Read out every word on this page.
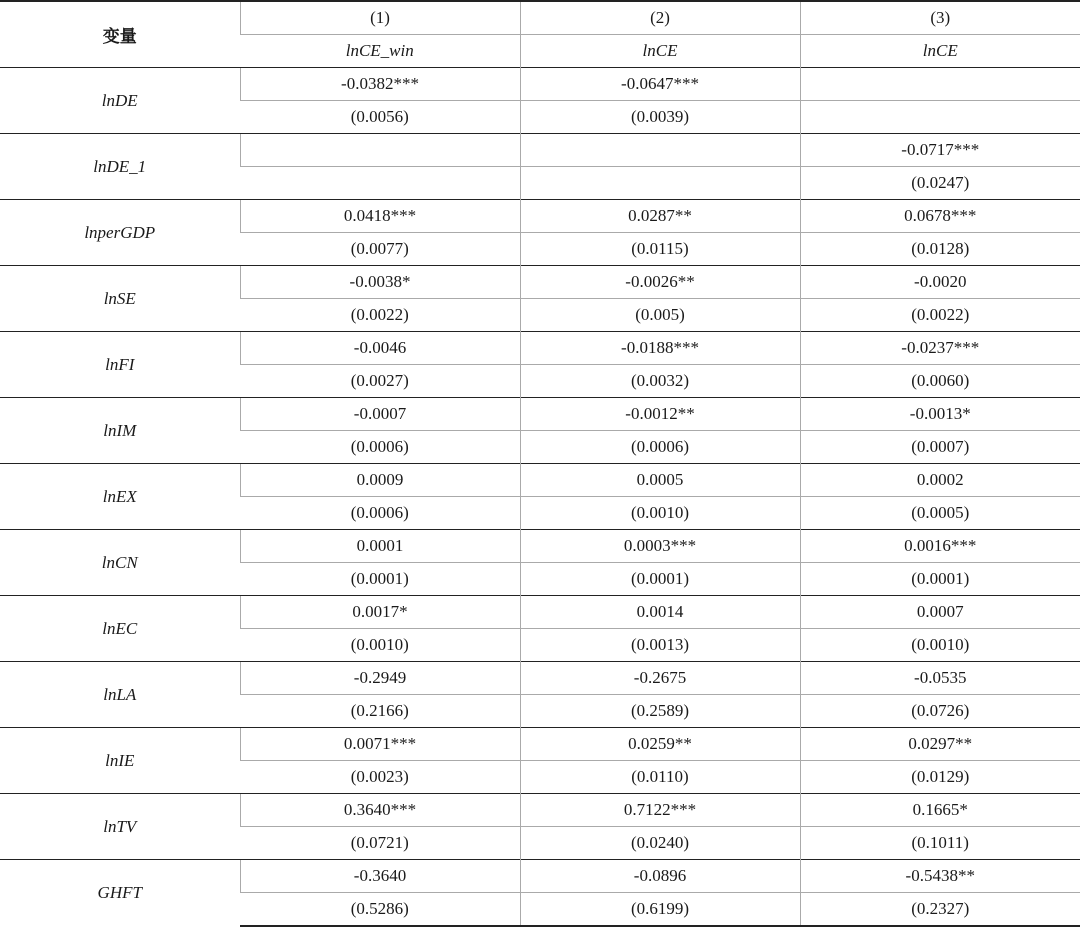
变量	(1)	(2)	(3)
	lnCE_win	lnCE	lnCE
lnDE	-0.0382***	-0.0647***	
	(0.0056)	(0.0039)	
lnDE_1			-0.0717***
			(0.0247)
lnperGDP	0.0418***	0.0287**	0.0678***
	(0.0077)	(0.0115)	(0.0128)
lnSE	-0.0038*	-0.0026**	-0.0020
	(0.0022)	(0.005)	(0.0022)
lnFI	-0.0046	-0.0188***	-0.0237***
	(0.0027)	(0.0032)	(0.0060)
lnIM	-0.0007	-0.0012**	-0.0013*
	(0.0006)	(0.0006)	(0.0007)
lnEX	0.0009	0.0005	0.0002
	(0.0006)	(0.0010)	(0.0005)
lnCN	0.0001	0.0003***	0.0016***
	(0.0001)	(0.0001)	(0.0001)
lnEC	0.0017*	0.0014	0.0007
	(0.0010)	(0.0013)	(0.0010)
lnLA	-0.2949	-0.2675	-0.0535
	(0.2166)	(0.2589)	(0.0726)
lnIE	0.0071***	0.0259**	0.0297**
	(0.0023)	(0.0110)	(0.0129)
lnTV	0.3640***	0.7122***	0.1665*
	(0.0721)	(0.0240)	(0.1011)
GHFT	-0.3640	-0.0896	-0.5438**
	(0.5286)	(0.6199)	(0.2327)
